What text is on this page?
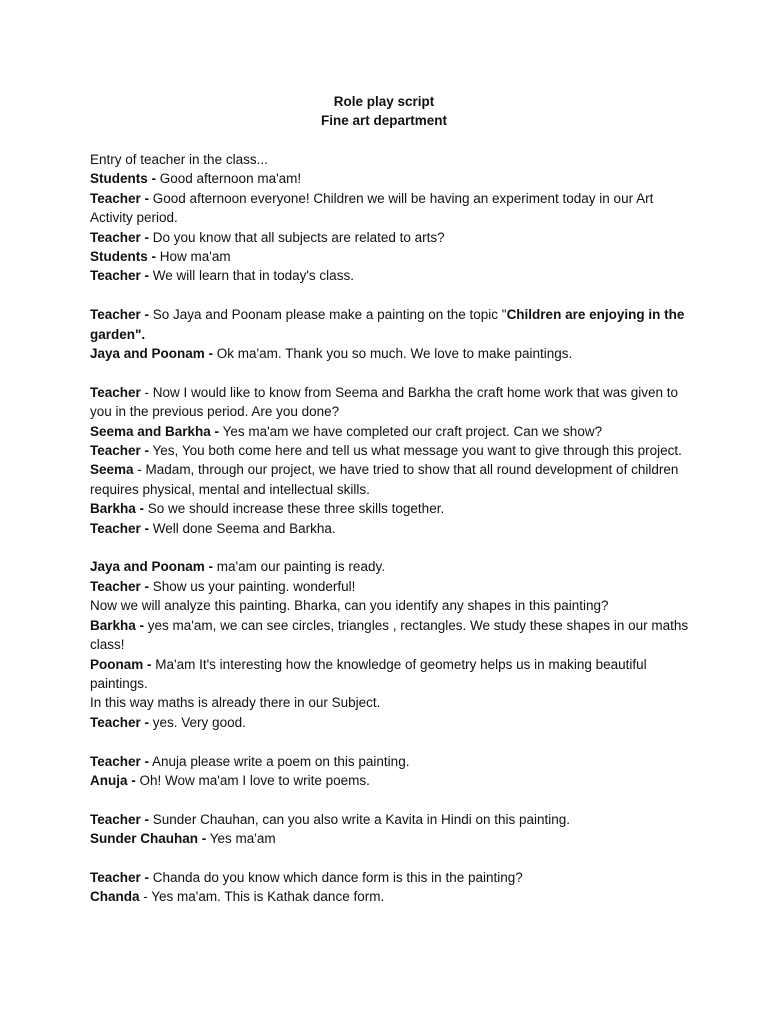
Role play script
Fine art department

Entry of teacher in the class...

Students - Good afternoon ma'am!

Teacher - Good afternoon everyone! Children we will be having an experiment today in our Art Activity period.

Teacher - Do you know that all subjects are related to arts?

Students - How ma'am

Teacher - We will learn that in today's class.

Teacher - So Jaya and Poonam please make a painting on the topic "Children are enjoying in the garden".

Jaya and Poonam - Ok ma'am. Thank you so much. We love to make paintings.

Teacher - Now I would like to know from Seema and Barkha the craft home work that was given to you in the previous period. Are you done?

Seema and Barkha - Yes ma'am we have completed our craft project. Can we show?

Teacher - Yes, You both come here and tell us what message you want to give through this project.

Seema - Madam, through our project, we have tried to show that all round development of children requires physical, mental and intellectual skills.

Barkha - So we should increase these three skills together.

Teacher - Well done Seema and Barkha.

Jaya and Poonam - ma'am our painting is ready.

Teacher - Show us your painting. wonderful!

Now we will analyze this painting. Bharka, can you identify any shapes in this painting?

Barkha - yes ma'am, we can see circles, triangles , rectangles. We study these shapes in our maths class!

Poonam - Ma'am It's interesting how the knowledge of geometry helps us in making beautiful paintings.

In this way maths is already there in our Subject.

Teacher - yes. Very good.

Teacher - Anuja please write a poem on this painting.

Anuja - Oh! Wow ma'am I love to write poems.

Teacher - Sunder Chauhan, can you also write a Kavita in Hindi on this painting.

Sunder Chauhan - Yes ma'am

Teacher - Chanda do you know which dance form is this in the painting?

Chanda - Yes ma'am. This is Kathak dance form.
